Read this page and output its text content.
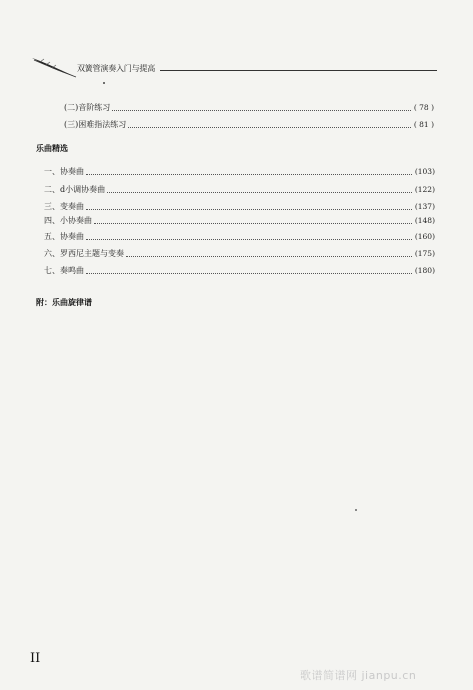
双簧管演奏入门与提高
(二)音阶练习	( 78 )
(三)困难指法练习	( 81 )
乐曲精选
一、协奏曲	(103)
二、d小调协奏曲	(122)
三、变奏曲	(137)
四、小协奏曲	(148)
五、协奏曲	(160)
六、罗西尼主题与变奏	(175)
七、奏鸣曲	(180)
附：乐曲旋律谱
II
歌谱简谱网 jianpu.cn
